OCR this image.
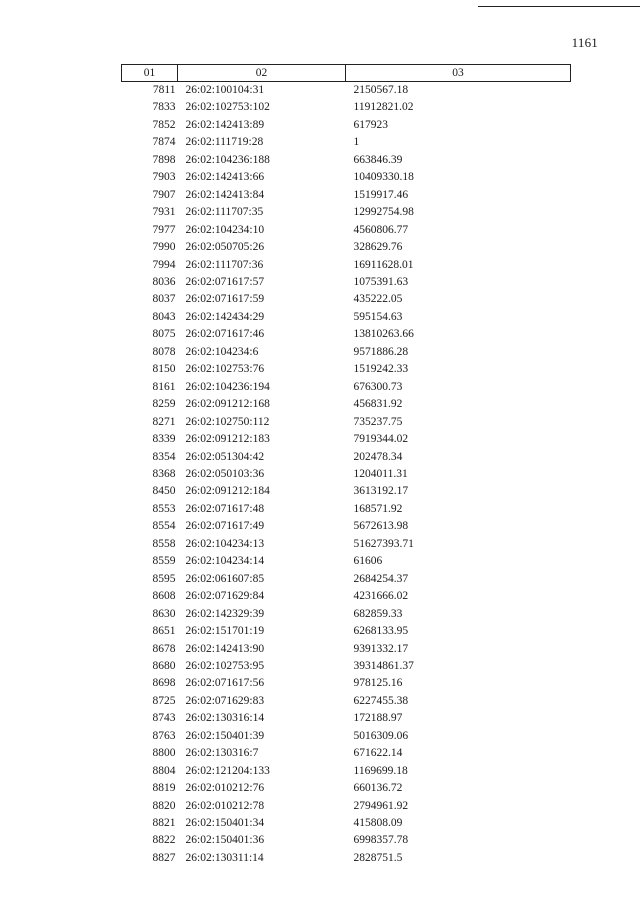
1161
01	02	03
7811	26:02:100104:31	2150567.18
7833	26:02:102753:102	11912821.02
7852	26:02:142413:89	617923
7874	26:02:111719:28	1
7898	26:02:104236:188	663846.39
7903	26:02:142413:66	10409330.18
7907	26:02:142413:84	1519917.46
7931	26:02:111707:35	12992754.98
7977	26:02:104234:10	4560806.77
7990	26:02:050705:26	328629.76
7994	26:02:111707:36	16911628.01
8036	26:02:071617:57	1075391.63
8037	26:02:071617:59	435222.05
8043	26:02:142434:29	595154.63
8075	26:02:071617:46	13810263.66
8078	26:02:104234:6	9571886.28
8150	26:02:102753:76	1519242.33
8161	26:02:104236:194	676300.73
8259	26:02:091212:168	456831.92
8271	26:02:102750:112	735237.75
8339	26:02:091212:183	7919344.02
8354	26:02:051304:42	202478.34
8368	26:02:050103:36	1204011.31
8450	26:02:091212:184	3613192.17
8553	26:02:071617:48	168571.92
8554	26:02:071617:49	5672613.98
8558	26:02:104234:13	51627393.71
8559	26:02:104234:14	61606
8595	26:02:061607:85	2684254.37
8608	26:02:071629:84	4231666.02
8630	26:02:142329:39	682859.33
8651	26:02:151701:19	6268133.95
8678	26:02:142413:90	9391332.17
8680	26:02:102753:95	39314861.37
8698	26:02:071617:56	978125.16
8725	26:02:071629:83	6227455.38
8743	26:02:130316:14	172188.97
8763	26:02:150401:39	5016309.06
8800	26:02:130316:7	671622.14
8804	26:02:121204:133	1169699.18
8819	26:02:010212:76	660136.72
8820	26:02:010212:78	2794961.92
8821	26:02:150401:34	415808.09
8822	26:02:150401:36	6998357.78
8827	26:02:130311:14	2828751.5
